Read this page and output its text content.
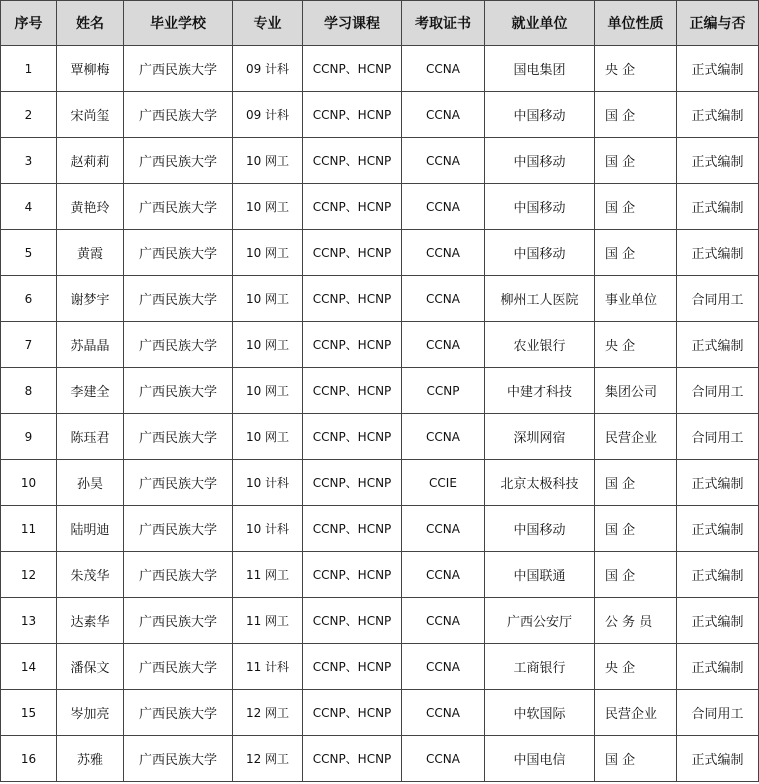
序号	姓名	毕业学校	专业	学习课程	考取证书	就业单位	单位性质	正编与否
1	覃柳梅	广西民族大学	09 计科	CCNP、HCNP	CCNA	国电集团	央 企	正式编制
2	宋尚玺	广西民族大学	09 计科	CCNP、HCNP	CCNA	中国移动	国 企	正式编制
3	赵莉莉	广西民族大学	10 网工	CCNP、HCNP	CCNA	中国移动	国 企	正式编制
4	黄艳玲	广西民族大学	10 网工	CCNP、HCNP	CCNA	中国移动	国 企	正式编制
5	黄霞	广西民族大学	10 网工	CCNP、HCNP	CCNA	中国移动	国 企	正式编制
6	谢梦宇	广西民族大学	10 网工	CCNP、HCNP	CCNA	柳州工人医院	事业单位	合同用工
7	苏晶晶	广西民族大学	10 网工	CCNP、HCNP	CCNA	农业银行	央 企	正式编制
8	李建全	广西民族大学	10 网工	CCNP、HCNP	CCNP	中建才科技	集团公司	合同用工
9	陈珏君	广西民族大学	10 网工	CCNP、HCNP	CCNA	深圳网宿	民营企业	合同用工
10	孙昊	广西民族大学	10 计科	CCNP、HCNP	CCIE	北京太极科技	国 企	正式编制
11	陆明迪	广西民族大学	10 计科	CCNP、HCNP	CCNA	中国移动	国 企	正式编制
12	朱茂华	广西民族大学	11 网工	CCNP、HCNP	CCNA	中国联通	国 企	正式编制
13	达素华	广西民族大学	11 网工	CCNP、HCNP	CCNA	广西公安厅	公 务 员	正式编制
14	潘保文	广西民族大学	11 计科	CCNP、HCNP	CCNA	工商银行	央 企	正式编制
15	岑加亮	广西民族大学	12 网工	CCNP、HCNP	CCNA	中软国际	民营企业	合同用工
16	苏雅	广西民族大学	12 网工	CCNP、HCNP	CCNA	中国电信	国 企	正式编制
